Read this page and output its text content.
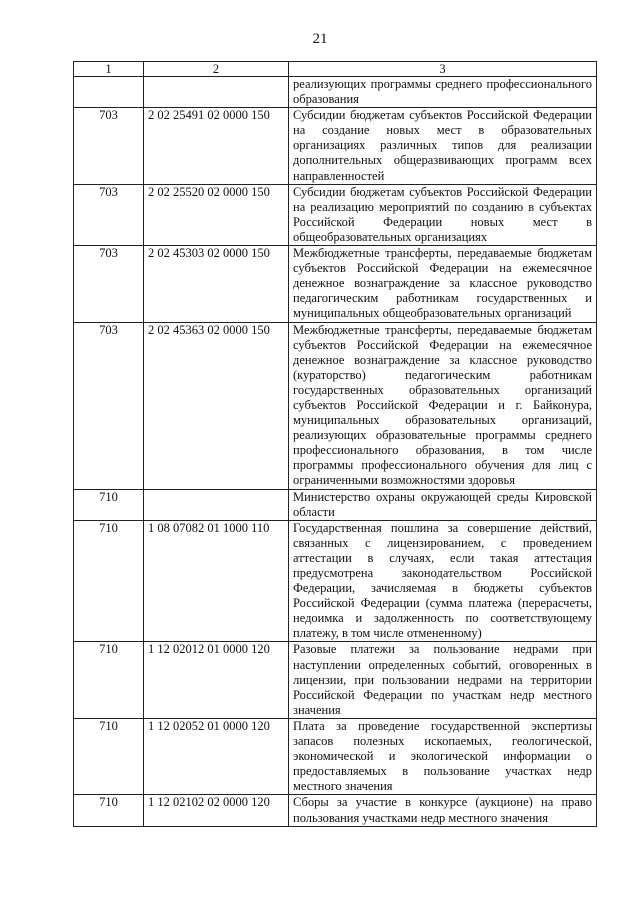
21
1	2	3
		реализующих программы среднего профессионального образования
703	2 02 25491 02 0000 150	Субсидии бюджетам субъектов Российской Федерации на создание новых мест в образовательных организациях различных типов для реализации дополнительных общеразвивающих программ всех направленностей
703	2 02 25520 02 0000 150	Субсидии бюджетам субъектов Российской Федерации на реализацию мероприятий по созданию в субъектах Российской Федерации новых мест в общеобразовательных организациях
703	2 02 45303 02 0000 150	Межбюджетные трансферты, передаваемые бюджетам субъектов Российской Федерации на ежемесячное денежное вознаграждение за классное руководство педагогическим работникам государственных и муниципальных общеобразовательных организаций
703	2 02 45363 02 0000 150	Межбюджетные трансферты, передаваемые бюджетам субъектов Российской Федерации на ежемесячное денежное вознаграждение за классное руководство (кураторство) педагогическим работникам государственных образовательных организаций субъектов Российской Федерации и г. Байконура, муниципальных образовательных организаций, реализующих образовательные программы среднего профессионального образования, в том числе программы профессионального обучения для лиц с ограниченными возможностями здоровья
710		Министерство охраны окружающей среды Кировской области
710	1 08 07082 01 1000 110	Государственная пошлина за совершение действий, связанных с лицензированием, с проведением аттестации в случаях, если такая аттестация предусмотрена законодательством Российской Федерации, зачисляемая в бюджеты субъектов Российской Федерации (сумма платежа (перерасчеты, недоимка и задолженность по соответствующему платежу, в том числе отмененному)
710	1 12 02012 01 0000 120	Разовые платежи за пользование недрами при наступлении определенных событий, оговоренных в лицензии, при пользовании недрами на территории Российской Федерации по участкам недр местного значения
710	1 12 02052 01 0000 120	Плата за проведение государственной экспертизы запасов полезных ископаемых, геологической, экономической и экологической информации о предоставляемых в пользование участках недр местного значения
710	1 12 02102 02 0000 120	Сборы за участие в конкурсе (аукционе) на право пользования участками недр местного значения
